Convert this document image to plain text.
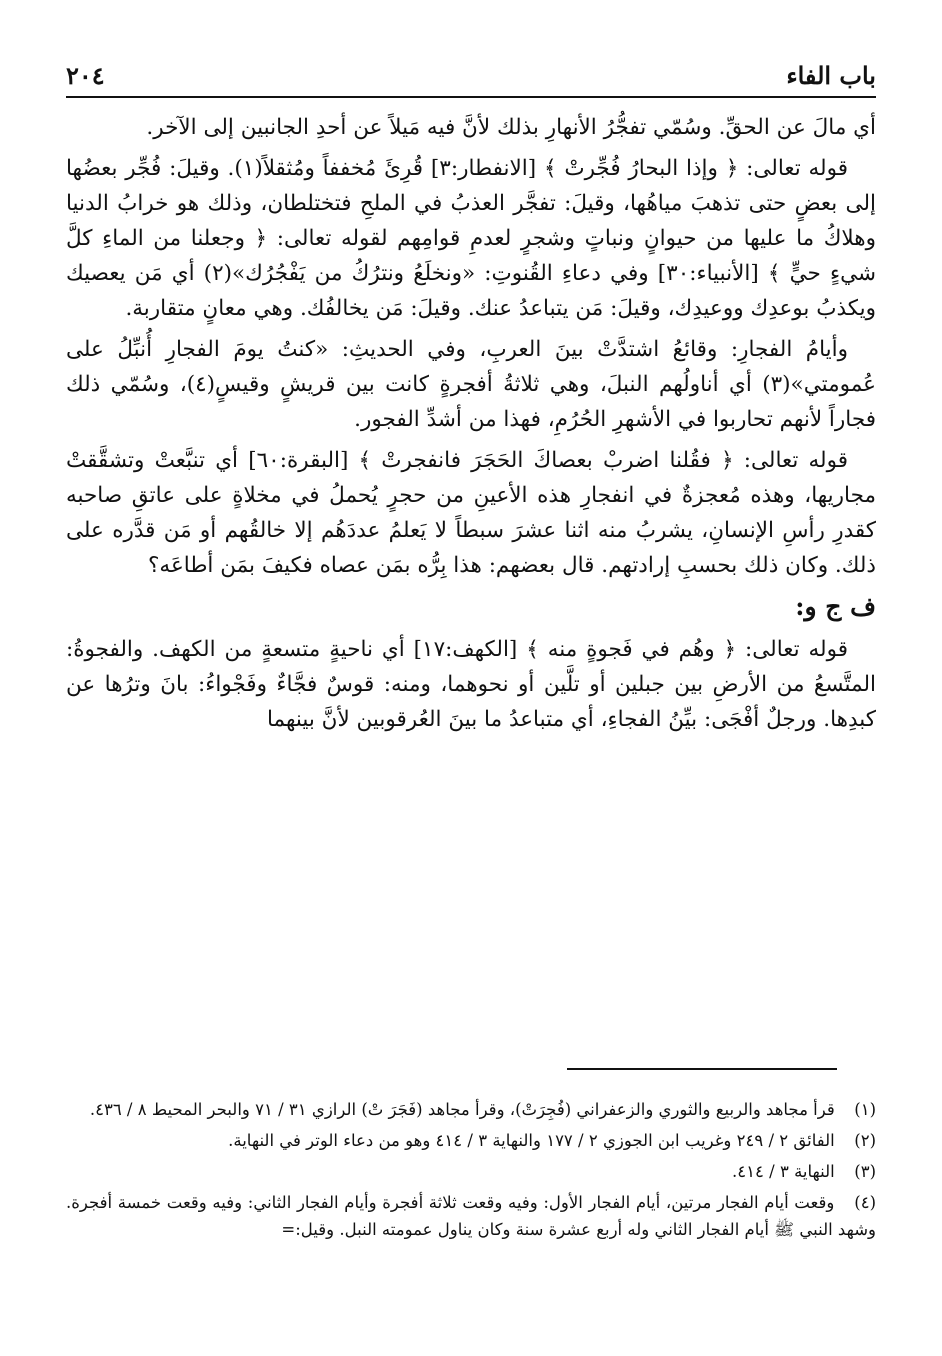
باب الفاء
٢٠٤

أي مالَ عن الحقِّ. وسُمّي تفجُّرُ الأنهارِ بذلك لأنَّ فيه مَيلاً عن أحدِ الجانبين إلى الآخر.

قوله تعالى: ﴿ وإذا البحارُ فُجِّرتْ ﴾ [الانفطار:٣] قُرِئَ مُخففاً ومُثقلاً(١). وقيلَ: فُجِّر بعضُها إلى بعضٍ حتى تذهبَ مياهُها، وقيلَ: تفجَّر العذبُ في الملحِ فتختلطان، وذلك هو خرابُ الدنيا وهلاكُ ما عليها من حيوانٍ ونباتٍ وشجرٍ لعدمِ قوامِهم لقوله تعالى: ﴿ وجعلنا من الماءِ كلَّ شيءٍ حيٍّ ﴾ [الأنبياء:٣٠] وفي دعاءِ القُنوتِ: «ونخلَعُ ونترُكُ من يَفْجُرُك»(٢) أي مَن يعصيك ويكذبُ بوعدِك ووعيدِك، وقيلَ: مَن يتباعدُ عنك. وقيلَ: مَن يخالفُك. وهي معانٍ متقاربة.

وأيامُ الفجارِ: وقائعُ اشتدَّتْ بينَ العربِ، وفي الحديثِ: «كنتُ يومَ الفجارِ أُنبِّلُ على عُمومتي»(٣) أي أناولُهم النبلَ، وهي ثلاثةُ أفجرةٍ كانت بين قريشٍ وقيسٍ(٤)، وسُمّي ذلك فجاراً لأنهم تحاربوا في الأشهرِ الحُرُمِ، فهذا من أشدِّ الفجور.

قوله تعالى: ﴿ فقُلنا اضربْ بعصاكَ الحَجَرَ فانفجرتْ ﴾ [البقرة:٦٠] أي تنبَّعتْ وتشقَّقتْ مجاريها، وهذه مُعجزةٌ في انفجارِ هذه الأعينِ من حجرٍ يُحملُ في مخلاةٍ على عاتقِ صاحبه كقدرِ رأسِ الإنسانِ، يشربُ منه اثنا عشرَ سبطاً لا يَعلمُ عددَهُم إلا خالقُهم أو مَن قدَّره على ذلك. وكان ذلك بحسبِ إرادتهم. قال بعضهم: هذا بِرُّه بمَن عصاه فكيفَ بمَن أطاعَه؟

ف ج و:

قوله تعالى: ﴿ وهُم في فَجوةٍ منه ﴾ [الكهف:١٧] أي ناحيةٍ متسعةٍ من الكهف. والفجوةُ: المتَّسعُ من الأرضِ بين جبلين أو تلَّين أو نحوهما، ومنه: قوسٌ فجَّاءٌ وفَجْواءُ: بانَ وترُها عن كبدِها. ورجلٌ أفْجَى: بيِّنُ الفجاءِ، أي متباعدُ ما بينَ العُرقوبين لأنَّ بينهما

(١) قرأ مجاهد والربيع والثوري والزعفراني (فُجِرَتْ)، وقرأ مجاهد (فَجَرَ تْ) الرازي ٣١ / ٧١ والبحر المحيط ٨ / ٤٣٦.
(٢) الفائق ٢ / ٢٤٩ وغريب ابن الجوزي ٢ / ١٧٧ والنهاية ٣ / ٤١٤ وهو من دعاء الوتر في النهاية.
(٣) النهاية ٣ / ٤١٤.
(٤) وقعت أيام الفجار مرتين، أيام الفجار الأول: وفيه وقعت ثلاثة أفجرة وأيام الفجار الثاني: وفيه وقعت خمسة أفجرة. وشهد النبي ﷺ أيام الفجار الثاني وله أربع عشرة سنة وكان يناول عمومته النبل. وقيل:=
